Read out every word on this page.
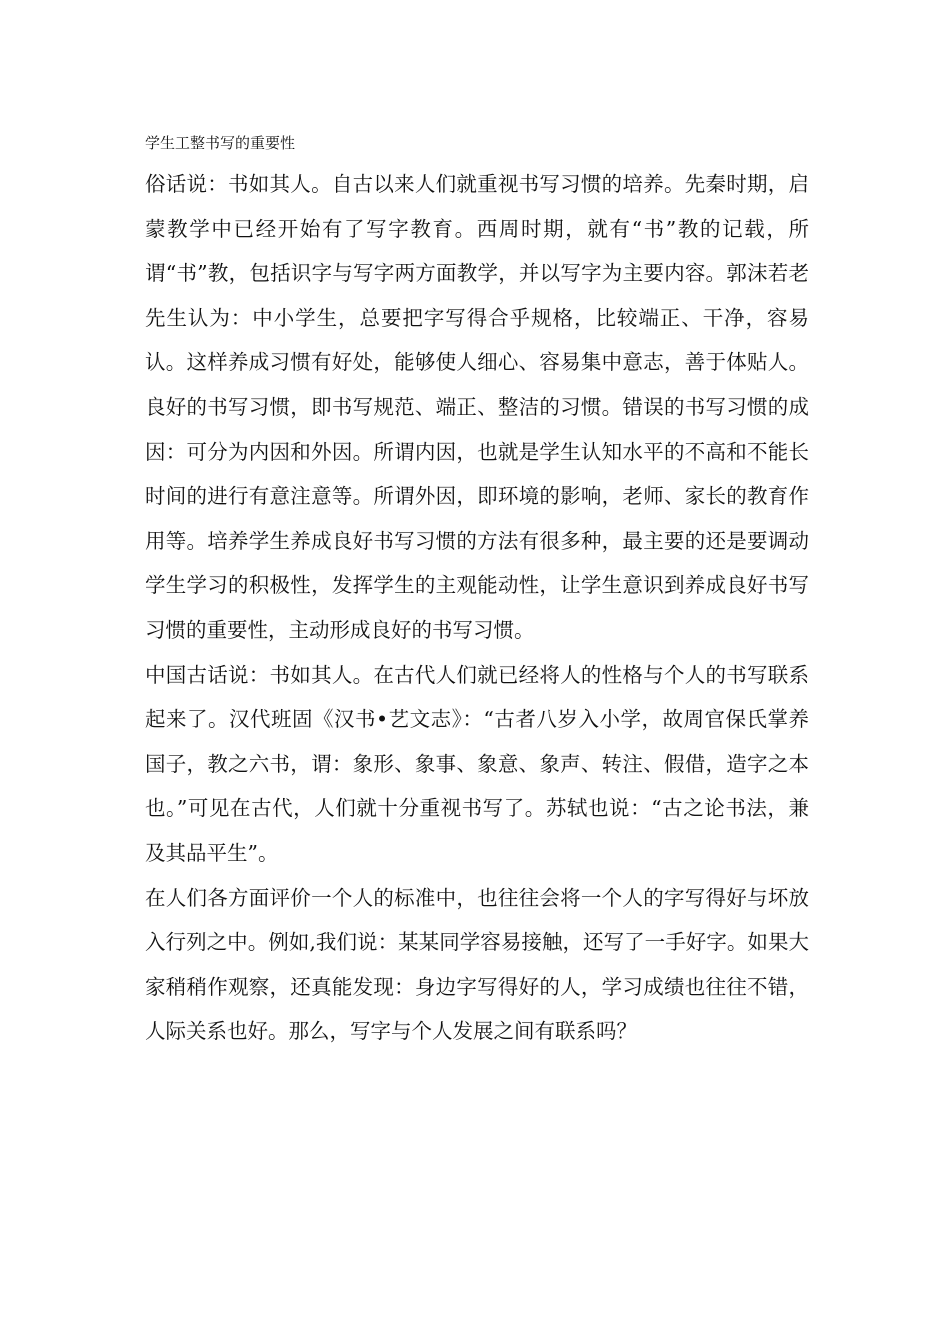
学生工整书写的重要性

俗话说：书如其人。自古以来人们就重视书写习惯的培养。先秦时期，启蒙教学中已经开始有了写字教育。西周时期，就有“书”教的记载，所谓“书”教，包括识字与写字两方面教学，并以写字为主要内容。郭沫若老先生认为：中小学生，总要把字写得合乎规格，比较端正、干净，容易认。这样养成习惯有好处，能够使人细心、容易集中意志，善于体贴人。良好的书写习惯，即书写规范、端正、整洁的习惯。错误的书写习惯的成因：可分为内因和外因。所谓内因，也就是学生认知水平的不高和不能长时间的进行有意注意等。所谓外因，即环境的影响，老师、家长的教育作用等。培养学生养成良好书写习惯的方法有很多种，最主要的还是要调动学生学习的积极性，发挥学生的主观能动性，让学生意识到养成良好书写习惯的重要性，主动形成良好的书写习惯。

中国古话说：书如其人。在古代人们就已经将人的性格与个人的书写联系起来了。汉代班固《汉书•艺文志》：“古者八岁入小学，故周官保氏掌养国子，教之六书，谓：象形、象事、象意、象声、转注、假借，造字之本也。”可见在古代，人们就十分重视书写了。苏轼也说：“古之论书法，兼及其品平生”。

在人们各方面评价一个人的标准中，也往往会将一个人的字写得好与坏放入行列之中。例如,我们说：某某同学容易接触，还写了一手好字。如果大家稍稍作观察，还真能发现：身边字写得好的人，学习成绩也往往不错，人际关系也好。那么，写字与个人发展之间有联系吗？
